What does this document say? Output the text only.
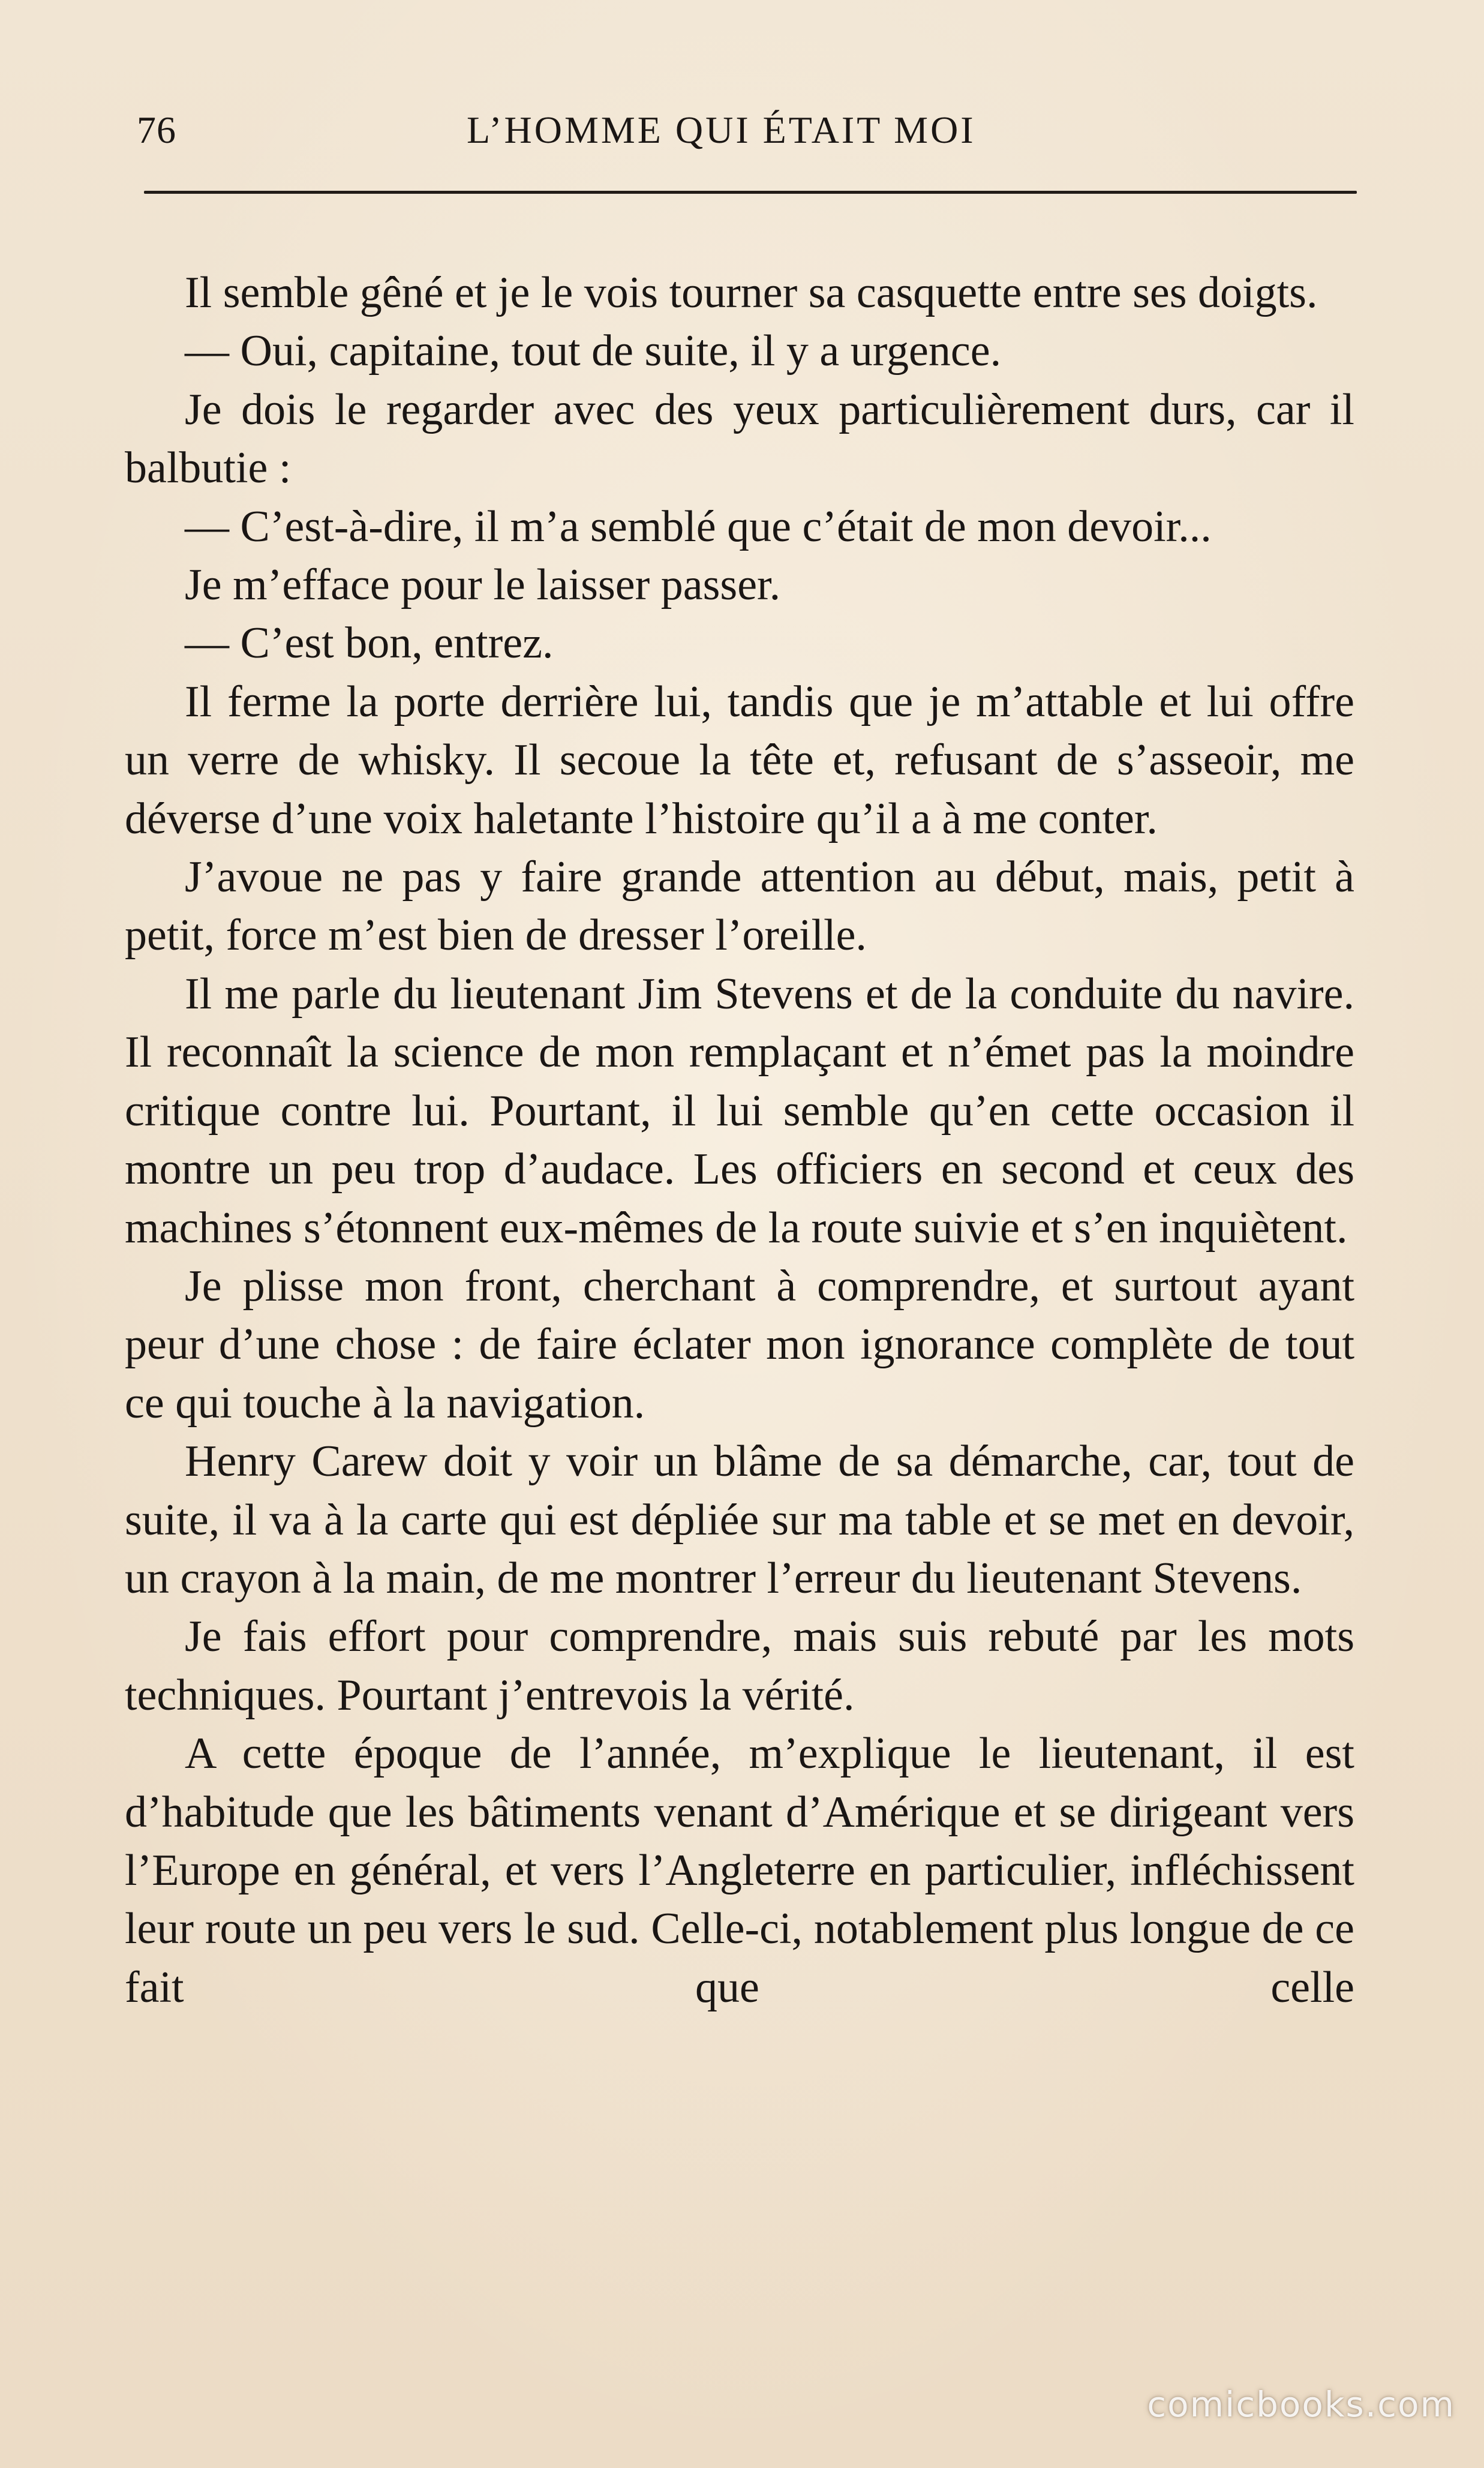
76	L’HOMME QUI ÉTAIT MOI

Il semble gêné et je le vois tourner sa casquette entre ses doigts.

— Oui, capitaine, tout de suite, il y a urgence.

Je dois le regarder avec des yeux particulièrement durs, car il balbutie :

— C’est-à-dire, il m’a semblé que c’était de mon devoir...

Je m’efface pour le laisser passer.

— C’est bon, entrez.

Il ferme la porte derrière lui, tandis que je m’attable et lui offre un verre de whisky. Il secoue la tête et, refusant de s’asseoir, me déverse d’une voix haletante l’histoire qu’il a à me conter.

J’avoue ne pas y faire grande attention au début, mais, petit à petit, force m’est bien de dresser l’oreille.

Il me parle du lieutenant Jim Stevens et de la conduite du navire. Il reconnaît la science de mon remplaçant et n’émet pas la moindre critique contre lui. Pourtant, il lui semble qu’en cette occasion il montre un peu trop d’audace. Les officiers en second et ceux des machines s’étonnent eux-mêmes de la route suivie et s’en inquiètent.

Je plisse mon front, cherchant à comprendre, et surtout ayant peur d’une chose : de faire éclater mon ignorance complète de tout ce qui touche à la navigation.

Henry Carew doit y voir un blâme de sa démarche, car, tout de suite, il va à la carte qui est dépliée sur ma table et se met en devoir, un crayon à la main, de me montrer l’erreur du lieutenant Stevens.

Je fais effort pour comprendre, mais suis rebuté par les mots techniques. Pourtant j’entrevois la vérité.

A cette époque de l’année, m’explique le lieutenant, il est d’habitude que les bâtiments venant d’Amérique et se dirigeant vers l’Europe en général, et vers l’Angleterre en particulier, infléchissent leur route un peu vers le sud. Celle-ci, notablement plus longue de ce fait que celle

comicbooks.com
